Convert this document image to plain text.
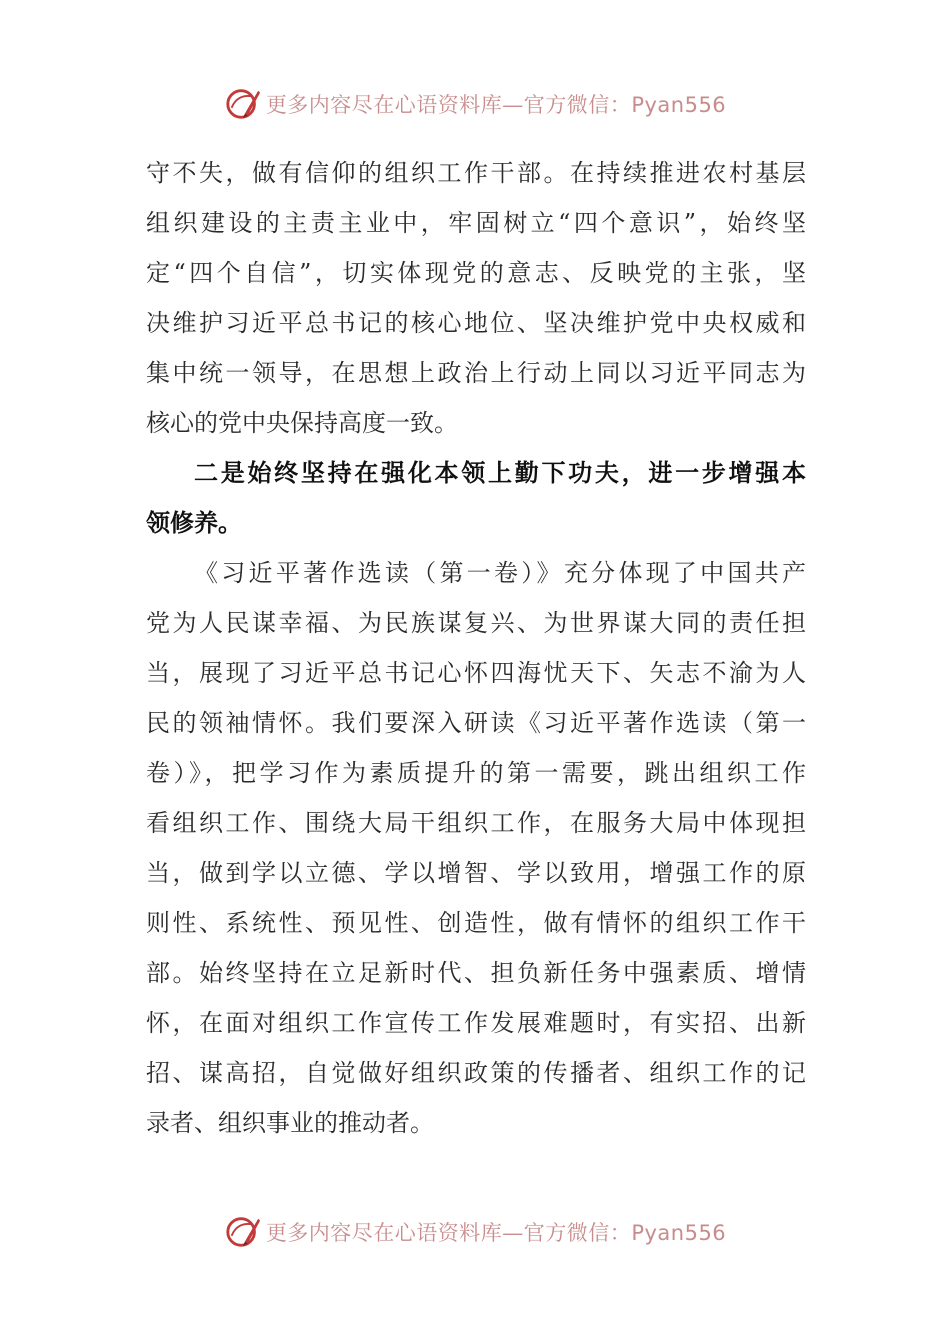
更多内容尽在心语资料库—官方微信：Pyan556
守不失，做有信仰的组织工作干部。在持续推进农村基层
组织建设的主责主业中，牢固树立“四个意识”，始终坚
定“四个自信”，切实体现党的意志、反映党的主张，坚
决维护习近平总书记的核心地位、坚决维护党中央权威和
集中统一领导，在思想上政治上行动上同以习近平同志为
核心的党中央保持高度一致。
二是始终坚持在强化本领上勤下功夫，进一步增强本
领修养。
《习近平著作选读（第一卷）》充分体现了中国共产
党为人民谋幸福、为民族谋复兴、为世界谋大同的责任担
当，展现了习近平总书记心怀四海忧天下、矢志不渝为人
民的领袖情怀。我们要深入研读《习近平著作选读（第一
卷）》，把学习作为素质提升的第一需要，跳出组织工作
看组织工作、围绕大局干组织工作，在服务大局中体现担
当，做到学以立德、学以增智、学以致用，增强工作的原
则性、系统性、预见性、创造性，做有情怀的组织工作干
部。始终坚持在立足新时代、担负新任务中强素质、增情
怀，在面对组织工作宣传工作发展难题时，有实招、出新
招、谋高招，自觉做好组织政策的传播者、组织工作的记
录者、组织事业的推动者。
更多内容尽在心语资料库—官方微信：Pyan556
